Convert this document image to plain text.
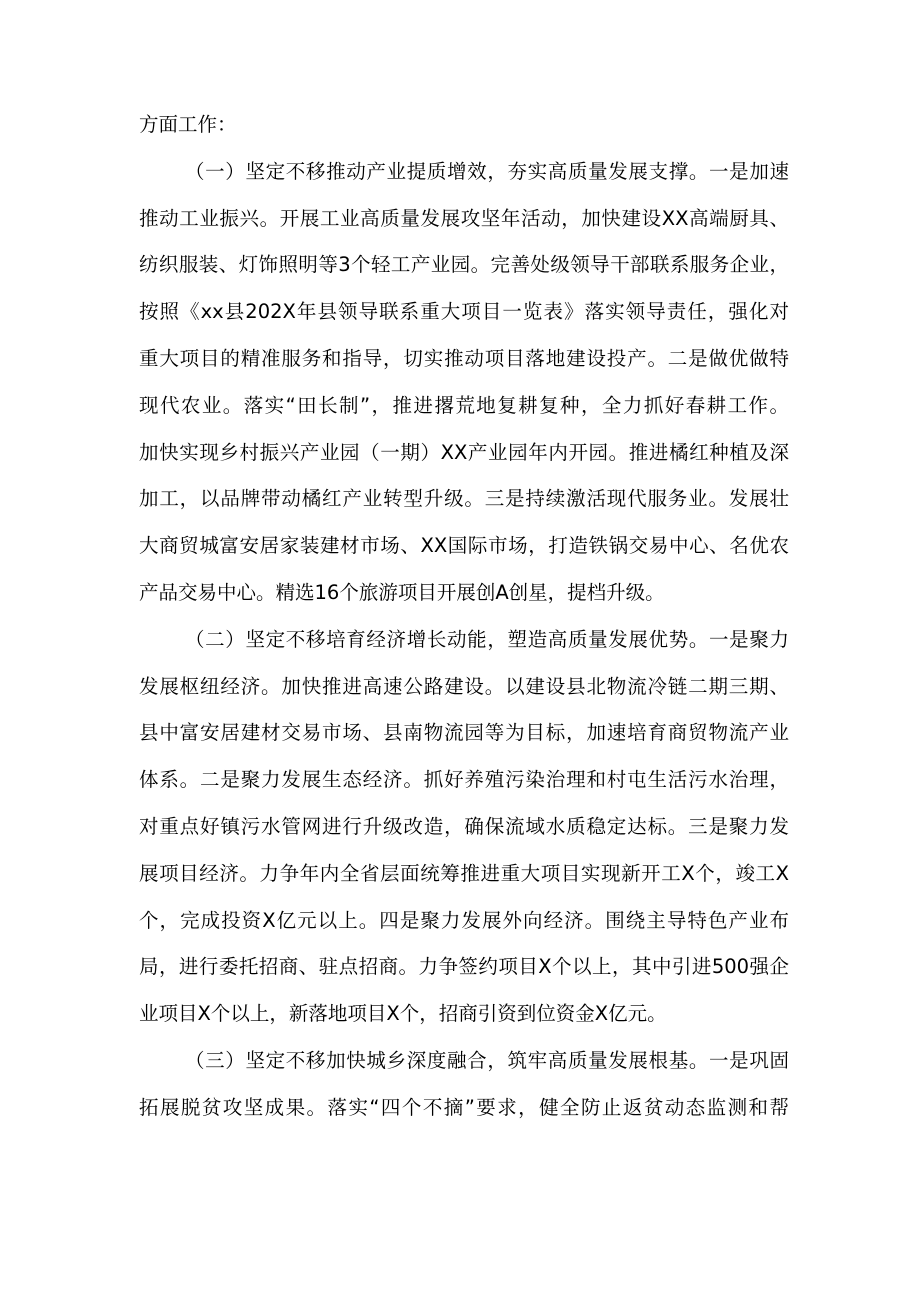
方面工作：
（一）坚定不移推动产业提质增效，夯实高质量发展支撑。一是加速
推动工业振兴。开展工业高质量发展攻坚年活动，加快建设XX高端厨具、
纺织服装、灯饰照明等3个轻工产业园。完善处级领导干部联系服务企业，
按照《xx县202X年县领导联系重大项目一览表》落实领导责任，强化对
重大项目的精准服务和指导，切实推动项目落地建设投产。二是做优做特
现代农业。落实“田长制”，推进撂荒地复耕复种，全力抓好春耕工作。
加快实现乡村振兴产业园（一期）XX产业园年内开园。推进橘红种植及深
加工，以品牌带动橘红产业转型升级。三是持续激活现代服务业。发展壮
大商贸城富安居家装建材市场、XX国际市场，打造铁锅交易中心、名优农
产品交易中心。精选16个旅游项目开展创A创星，提档升级。
（二）坚定不移培育经济增长动能，塑造高质量发展优势。一是聚力
发展枢纽经济。加快推进高速公路建设。以建设县北物流冷链二期三期、
县中富安居建材交易市场、县南物流园等为目标，加速培育商贸物流产业
体系。二是聚力发展生态经济。抓好养殖污染治理和村屯生活污水治理，
对重点好镇污水管网进行升级改造，确保流域水质稳定达标。三是聚力发
展项目经济。力争年内全省层面统筹推进重大项目实现新开工X个，竣工X
个，完成投资X亿元以上。四是聚力发展外向经济。围绕主导特色产业布
局，进行委托招商、驻点招商。力争签约项目X个以上，其中引进500强企
业项目X个以上，新落地项目X个，招商引资到位资金X亿元。
（三）坚定不移加快城乡深度融合，筑牢高质量发展根基。一是巩固
拓展脱贫攻坚成果。落实“四个不摘”要求，健全防止返贫动态监测和帮
